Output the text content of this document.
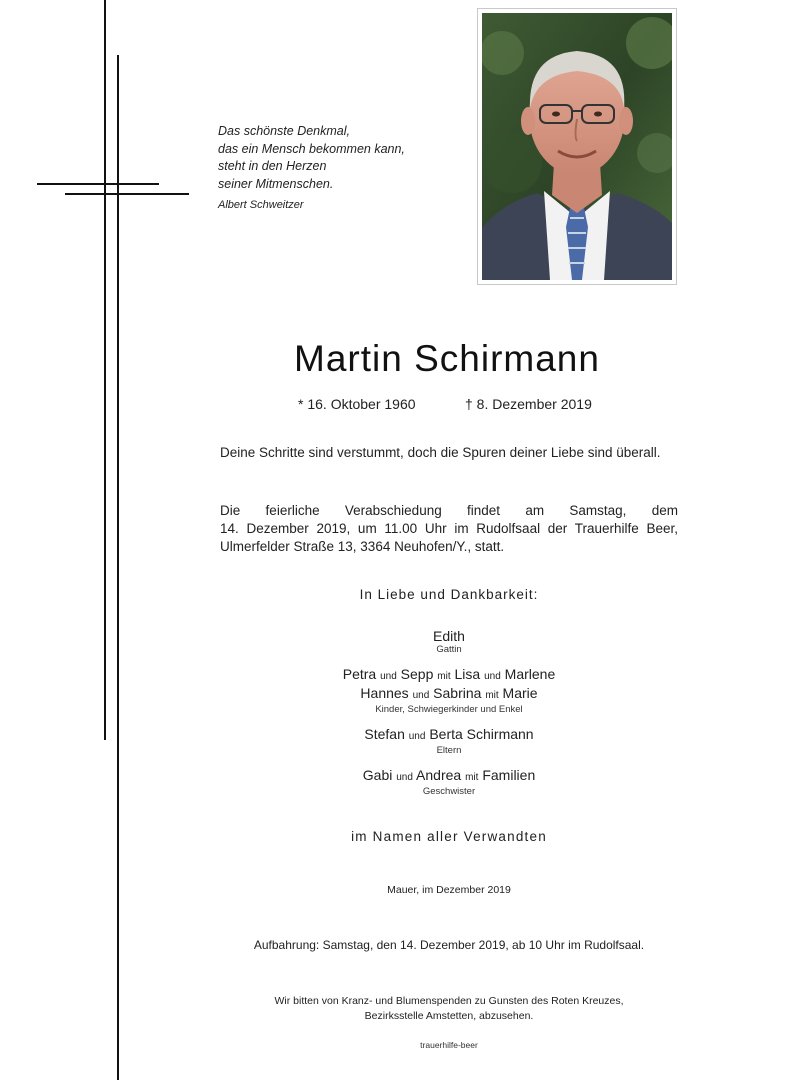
Das schönste Denkmal,
das ein Mensch bekommen kann,
steht in den Herzen
seiner Mitmenschen.
Albert Schweitzer
Martin Schirmann
* 16. Oktober 1960	† 8. Dezember 2019
Deine Schritte sind verstummt, doch die Spuren deiner Liebe sind überall.
Die feierliche Verabschiedung findet am Samstag, dem
14. Dezember 2019, um 11.00 Uhr im Rudolfsaal der Trauerhilfe Beer,
Ulmerfelder Straße 13, 3364 Neuhofen/Y., statt.
In Liebe und Dankbarkeit:
Edith
Gattin
Petra und Sepp mit Lisa und Marlene
Hannes und Sabrina mit Marie
Kinder, Schwiegerkinder und Enkel
Stefan und Berta Schirmann
Eltern
Gabi und Andrea mit Familien
Geschwister
im Namen aller Verwandten
Mauer, im Dezember 2019
Aufbahrung: Samstag, den 14. Dezember 2019, ab 10 Uhr im Rudolfsaal.
Wir bitten von Kranz- und Blumenspenden zu Gunsten des Roten Kreuzes,
Bezirksstelle Amstetten, abzusehen.
trauerhilfe-beer
